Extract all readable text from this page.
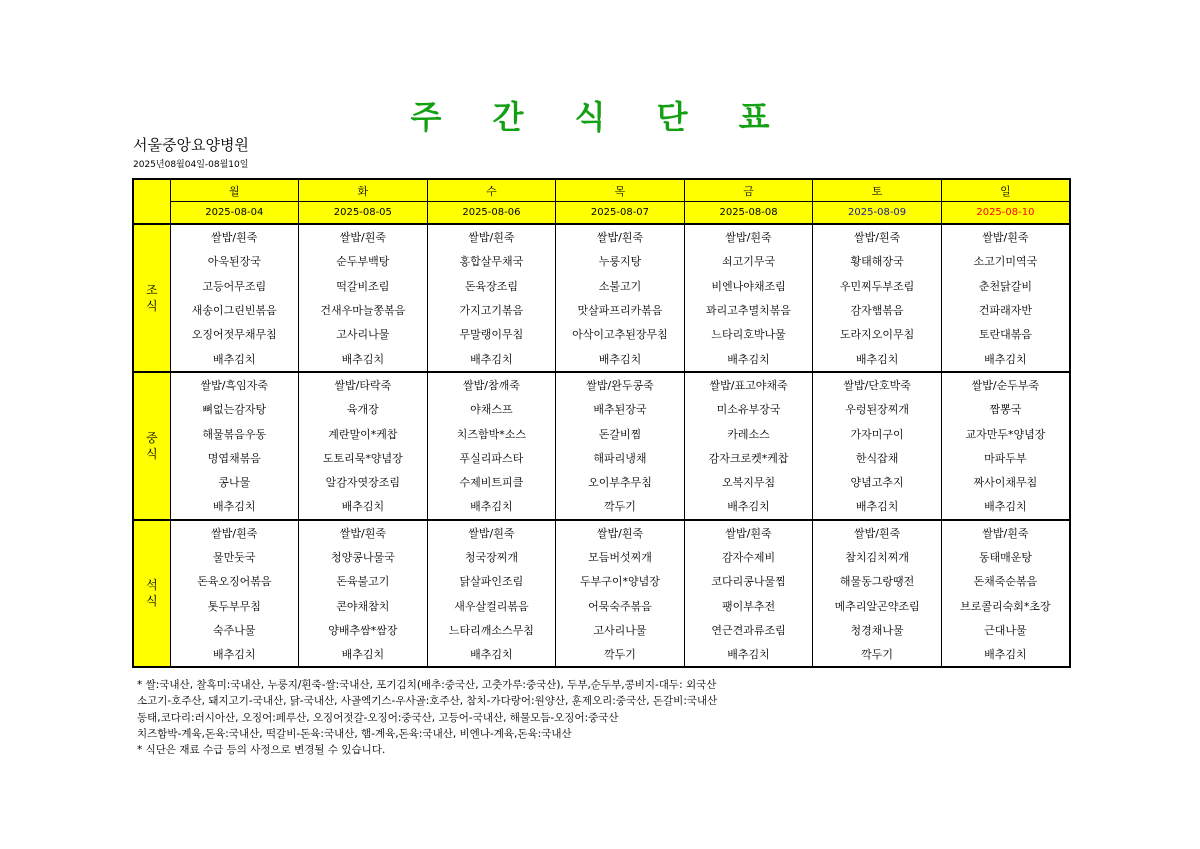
주 간 식 단 표
서울중앙요양병원
2025년08월04일-08월10일
	월	화	수	목	금	토	일
	2025-08-04	2025-08-05	2025-08-06	2025-08-07	2025-08-08	2025-08-09	2025-08-10

조
식	쌀밥/흰죽	쌀밥/흰죽	쌀밥/흰죽	쌀밥/흰죽	쌀밥/흰죽	쌀밥/흰죽	쌀밥/흰죽
	아욱된장국	순두부백탕	홍합살무채국	누룽지탕	쇠고기무국	황태해장국	소고기미역국
	고등어무조림	떡갈비조림	돈육장조림	소불고기	비엔나야채조림	우민찌두부조림	춘천닭갈비
	새송이그린빈볶음	건새우마늘쫑볶음	가지고기볶음	맛살파프리카볶음	꽈리고추멸치볶음	감자햄볶음	건파래자반
	오징어젓무채무침	고사리나물	무말랭이무침	아삭이고추된장무침	느타리호박나물	도라지오이무침	토란대볶음
	배추김치	배추김치	배추김치	배추김치	배추김치	배추김치	배추김치

중
식	쌀밥/흑임자죽	쌀밥/타락죽	쌀밥/참깨죽	쌀밥/완두콩죽	쌀밥/표고야채죽	쌀밥/단호박죽	쌀밥/순두부죽
	뼈없는감자탕	육개장	야채스프	배추된장국	미소유부장국	우렁된장찌개	짬뽕국
	해물볶음우동	계란말이*케찹	치즈함박*소스	돈갈비찜	카레소스	가자미구이	교자만두*양념장
	명엽채볶음	도토리묵*양념장	푸실리파스타	해파리냉채	감자크로켓*케찹	한식잡채	마파두부
	콩나물	알감자엿장조림	수제비트피클	오이부추무침	오복지무침	양념고추지	짜사이채무침
	배추김치	배추김치	배추김치	깍두기	배추김치	배추김치	배추김치

석
식	쌀밥/흰죽	쌀밥/흰죽	쌀밥/흰죽	쌀밥/흰죽	쌀밥/흰죽	쌀밥/흰죽	쌀밥/흰죽
	물만둣국	청양콩나물국	청국장찌개	모듬버섯찌개	감자수제비	참치김치찌개	동태매운탕
	돈육오징어볶음	돈육불고기	닭살파인조림	두부구이*양념장	코다리콩나물찜	해물동그랑땡전	돈채죽순볶음
	톳두부무침	콘야채참치	새우살컬리볶음	어묵숙주볶음	팽이부추전	메추리알곤약조림	브로콜리숙회*초장
	숙주나물	양배추쌈*쌈장	느타리깨소스무침	고사리나물	연근견과류조림	청경채나물	근대나물
	배추김치	배추김치	배추김치	깍두기	배추김치	깍두기	배추김치
* 쌀:국내산, 찰흑미:국내산, 누룽지/흰죽-쌀:국내산, 포기김치(배추:중국산, 고춧가루:중국산), 두부,순두부,콩비지-대두: 외국산
소고기-호주산, 돼지고기-국내산, 닭-국내산, 사골엑기스-우사골:호주산, 참치-가다랑어:원양산, 훈제오리:중국산, 돈갈비:국내산
동태,코다리:러시아산, 오징어:페루산, 오징어젓갈-오징어:중국산, 고등어-국내산, 해물모듬-오징어:중국산
치즈함박-계육,돈육:국내산, 떡갈비-돈육:국내산, 햄-계육,돈육:국내산, 비엔나-계육,돈육:국내산
* 식단은 재료 수급 등의 사정으로 변경될 수 있습니다.
